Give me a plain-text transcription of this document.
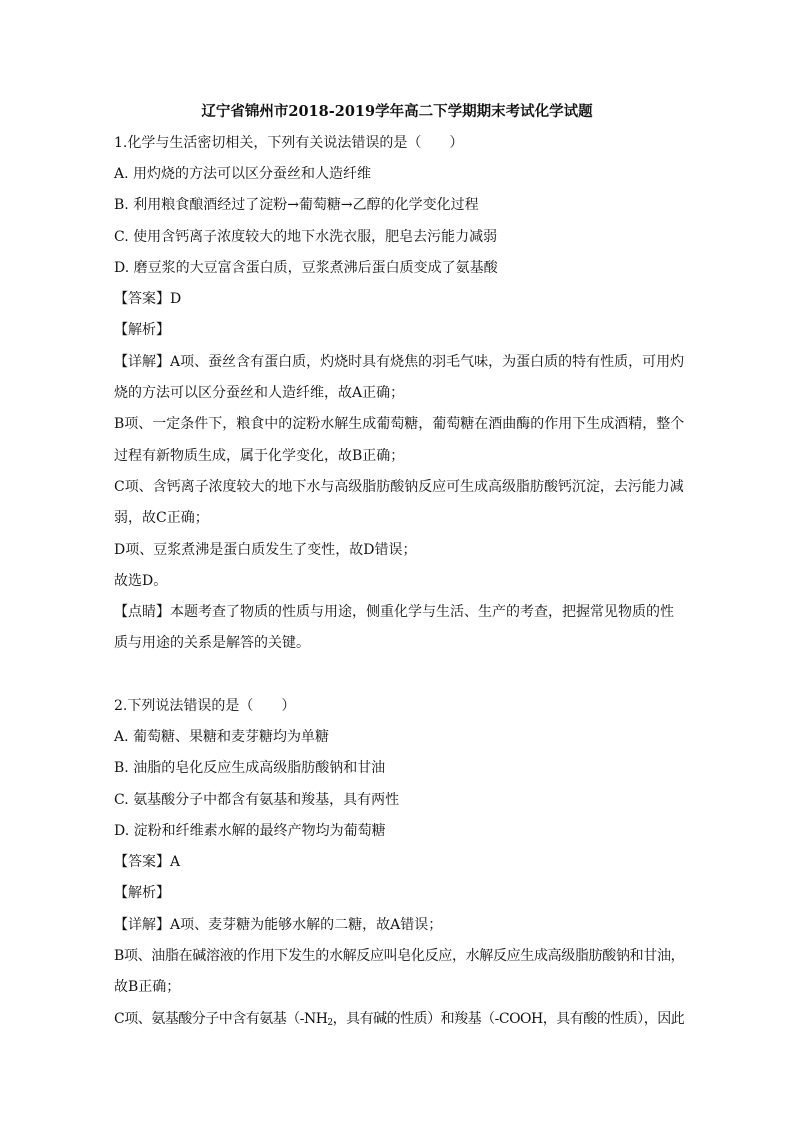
辽宁省锦州市2018-2019学年高二下学期期末考试化学试题
1.化学与生活密切相关，下列有关说法错误的是（　　）
A. 用灼烧的方法可以区分蚕丝和人造纤维
B. 利用粮食酿酒经过了淀粉→葡萄糖→乙醇的化学变化过程
C. 使用含钙离子浓度较大的地下水洗衣服，肥皂去污能力减弱
D. 磨豆浆的大豆富含蛋白质，豆浆煮沸后蛋白质变成了氨基酸
【答案】D
【解析】
【详解】A项、蚕丝含有蛋白质，灼烧时具有烧焦的羽毛气味，为蛋白质的特有性质，可用灼
烧的方法可以区分蚕丝和人造纤维，故A正确；
B项、一定条件下，粮食中的淀粉水解生成葡萄糖，葡萄糖在酒曲酶的作用下生成酒精，整个
过程有新物质生成，属于化学变化，故B正确；
C项、含钙离子浓度较大的地下水与高级脂肪酸钠反应可生成高级脂肪酸钙沉淀，去污能力减
弱，故C正确；
D项、豆浆煮沸是蛋白质发生了变性，故D错误；
故选D。
【点睛】本题考查了物质的性质与用途，侧重化学与生活、生产的考查，把握常见物质的性
质与用途的关系是解答的关键。
2.下列说法错误的是（　　）
A. 葡萄糖、果糖和麦芽糖均为单糖
B. 油脂的皂化反应生成高级脂肪酸钠和甘油
C. 氨基酸分子中都含有氨基和羧基，具有两性
D. 淀粉和纤维素水解的最终产物均为葡萄糖
【答案】A
【解析】
【详解】A项、麦芽糖为能够水解的二糖，故A错误；
B项、油脂在碱溶液的作用下发生的水解反应叫皂化反应，水解反应生成高级脂肪酸钠和甘油，
故B正确；
C项、氨基酸分子中含有氨基（$-NH_2$，具有碱的性质）和羧基（-COOH，具有酸的性质），因此
